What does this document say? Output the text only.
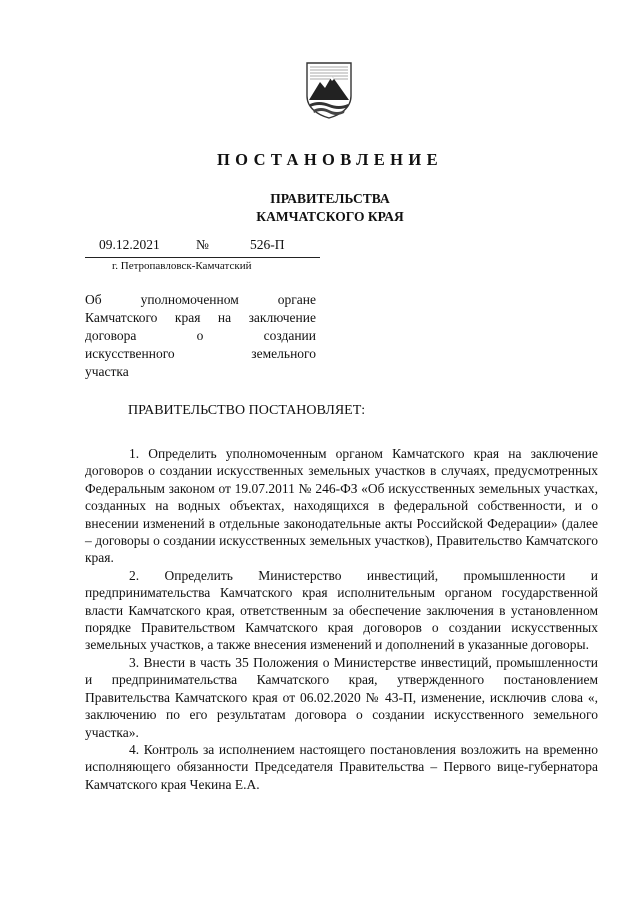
ПОСТАНОВЛЕНИЕ
ПРАВИТЕЛЬСТВА
КАМЧАТСКОГО КРАЯ
09.12.2021	№	526-П
г. Петропавловск-Камчатский
Об уполномоченном органе
Камчатского края на заключение
договора о создании
искусственного земельного
участка
ПРАВИТЕЛЬСТВО ПОСТАНОВЛЯЕТ:

1. Определить уполномоченным органом Камчатского края на заключение договоров о создании искусственных земельных участков в случаях, предусмотренных Федеральным законом от 19.07.2011 № 246-ФЗ «Об искусственных земельных участках, созданных на водных объектах, находящихся в федеральной собственности, и о внесении изменений в отдельные законодательные акты Российской Федерации» (далее – договоры о создании искусственных земельных участков), Правительство Камчатского края.

2. Определить Министерство инвестиций, промышленности и предпринимательства Камчатского края исполнительным органом государственной власти Камчатского края, ответственным за обеспечение заключения в установленном порядке Правительством Камчатского края договоров о создании искусственных земельных участков, а также внесения изменений и дополнений в указанные договоры.

3. Внести в часть 35 Положения о Министерстве инвестиций, промышленности и предпринимательства Камчатского края, утвержденного постановлением Правительства Камчатского края от 06.02.2020 № 43-П, изменение, исключив слова «, заключению по его результатам договора о создании искусственного земельного участка».

4. Контроль за исполнением настоящего постановления возложить на временно исполняющего обязанности Председателя Правительства – Первого вице-губернатора Камчатского края Чекина Е.А.
